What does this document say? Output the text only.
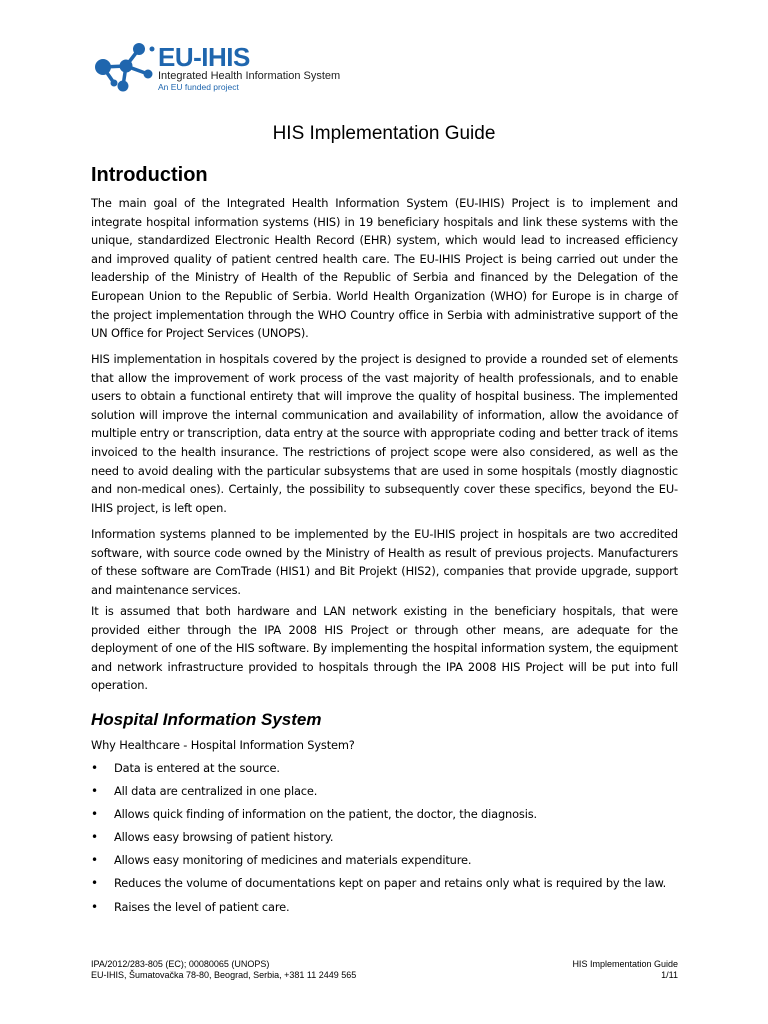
EU-IHIS
Integrated Health Information System
An EU funded project
HIS Implementation Guide
Introduction

The main goal of the Integrated Health Information System (EU-IHIS) Project is to implement and integrate hospital information systems (HIS) in 19 beneficiary hospitals and link these systems with the unique, standardized Electronic Health Record (EHR) system, which would lead to increased efficiency and improved quality of patient centred health care. The EU-IHIS Project is being carried out under the leadership of the Ministry of Health of the Republic of Serbia and financed by the Delegation of the European Union to the Republic of Serbia. World Health Organization (WHO) for Europe is in charge of the project implementation through the WHO Country office in Serbia with administrative support of the UN Office for Project Services (UNOPS).

HIS implementation in hospitals covered by the project is designed to provide a rounded set of elements that allow the improvement of work process of the vast majority of health professionals, and to enable users to obtain a functional entirety that will improve the quality of hospital business. The implemented solution will improve the internal communication and availability of information, allow the avoidance of multiple entry or transcription, data entry at the source with appropriate coding and better track of items invoiced to the health insurance. The restrictions of project scope were also considered, as well as the need to avoid dealing with the particular subsystems that are used in some hospitals (mostly diagnostic and non-medical ones). Certainly, the possibility to subsequently cover these specifics, beyond the EU-IHIS project, is left open.

Information systems planned to be implemented by the EU-IHIS project in hospitals are two accredited software, with source code owned by the Ministry of Health as result of previous projects. Manufacturers of these software are ComTrade (HIS1) and Bit Projekt (HIS2), companies that provide upgrade, support and maintenance services.

It is assumed that both hardware and LAN network existing in the beneficiary hospitals, that were provided either through the IPA 2008 HIS Project or through other means, are adequate for the deployment of one of the HIS software. By implementing the hospital information system, the equipment and network infrastructure provided to hospitals through the IPA 2008 HIS Project will be put into full operation.

Hospital Information System
Why Healthcare - Hospital Information System?
• Data is entered at the source.
• All data are centralized in one place.
• Allows quick finding of information on the patient, the doctor, the diagnosis.
• Allows easy browsing of patient history.
• Allows easy monitoring of medicines and materials expenditure.
• Reduces the volume of documentations kept on paper and retains only what is required by the law.
• Raises the level of patient care.
IPA/2012/283-805 (EC); 00080065 (UNOPS)
EU-IHIS, Šumatovačka 78-80, Beograd, Serbia, +381 11 2449 565
HIS Implementation Guide
1/11
